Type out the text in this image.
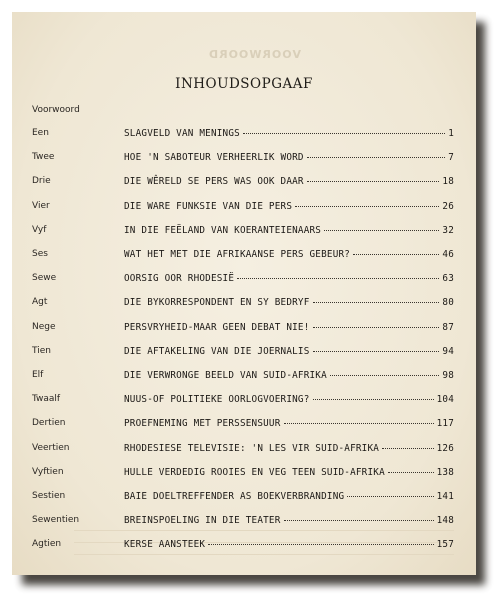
VOORWOORD
INHOUDSOPGAAF
Voorwoord
Een	SLAGVELD VAN MENINGS	1
Twee	HOE 'N SABOTEUR VERHEERLIK WORD	7
Drie	DIE WÊRELD SE PERS WAS OOK DAAR	18
Vier	DIE WARE FUNKSIE VAN DIE PERS	26
Vyf	IN DIE FEËLAND VAN KOERANTEIENAARS	32
Ses	WAT HET MET DIE AFRIKAANSE PERS GEBEUR?	46
Sewe	OORSIG OOR RHODESIË	63
Agt	DIE BYKORRESPONDENT EN SY BEDRYF	80
Nege	PERSVRYHEID-MAAR GEEN DEBAT NIE!	87
Tien	DIE AFTAKELING VAN DIE JOERNALIS	94
Elf	DIE VERWRONGE BEELD VAN SUID-AFRIKA	98
Twaalf	NUUS-OF POLITIEKE OORLOGVOERING?	104
Dertien	PROEFNEMING MET PERSSENSUUR	117
Veertien	RHODESIESE TELEVISIE: 'N LES VIR SUID-AFRIKA	126
Vyftien	HULLE VERDEDIG ROOIES EN VEG TEEN SUID-AFRIKA	138
Sestien	BAIE DOELTREFFENDER AS BOEKVERBRANDING	141
Sewentien	BREINSPOELING IN DIE TEATER	148
Agtien	KERSE AANSTEEK	157
